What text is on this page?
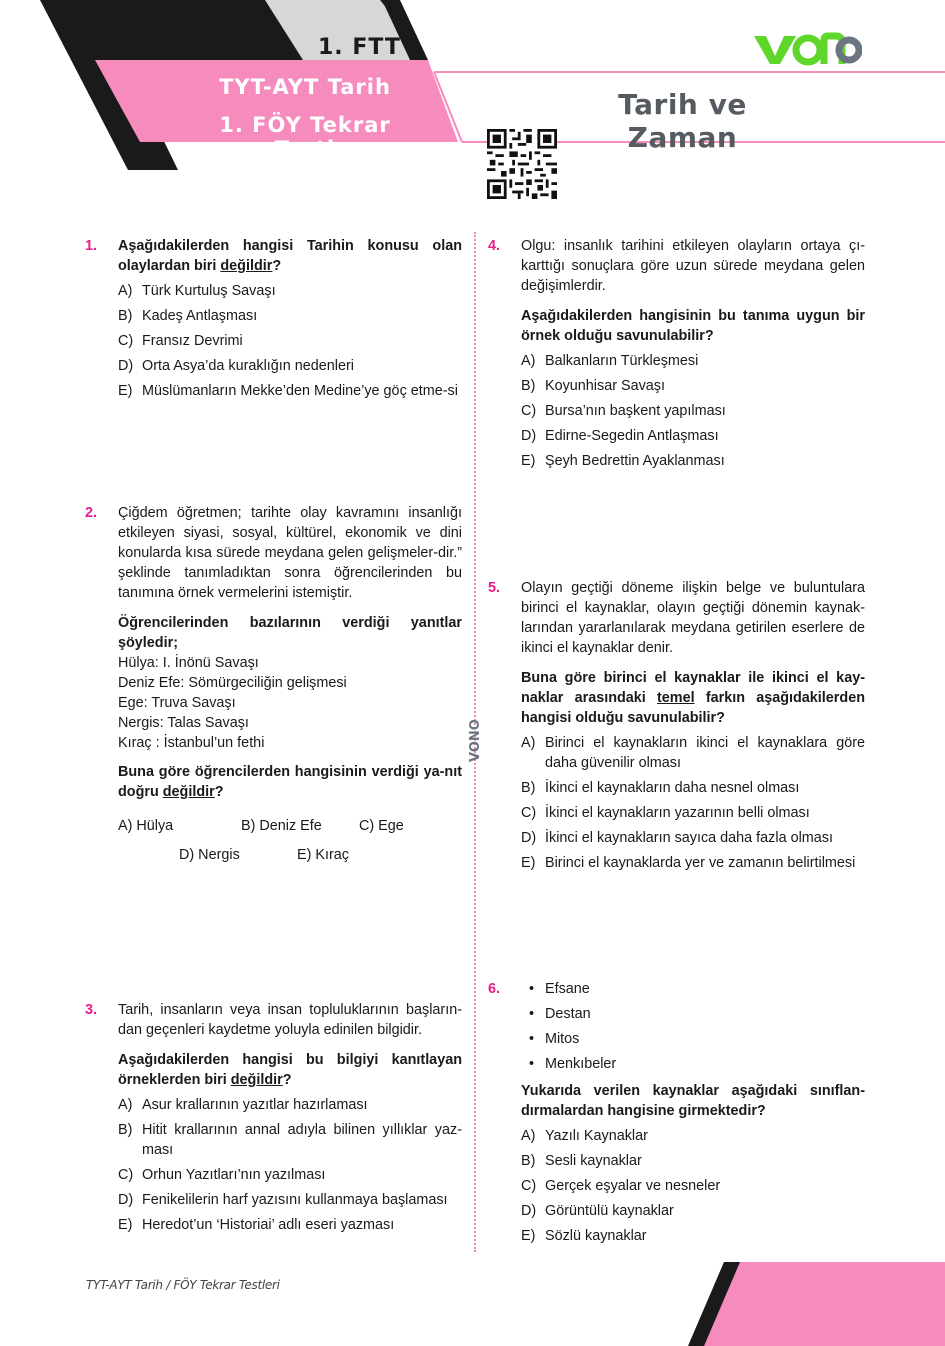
1. FTT
TYT-AYT Tarih
1. FÖY Tekrar Testi
Tarih ve Zaman
VONO
1. Aşağıdakilerden hangisi Tarihin konusu olan olaylardan biri değildir?

A) Türk Kurtuluş Savaşı
B) Kadeş Antlaşması
C) Fransız Devrimi
D) Orta Asya’da kuraklığın nedenleri
E) Müslümanların Mekke’den Medine’ye göç etme-si
2. Çiğdem öğretmen; tarihte olay kavramını insanlığı etkileyen siyasi, sosyal, kültürel, ekonomik ve dini konularda kısa sürede meydana gelen gelişmeler-dir.” şeklinde tanımladıktan sonra öğrencilerinden bu tanımına örnek vermelerini istemiştir.

Öğrencilerinden bazılarının verdiği yanıtlar şöyledir;

Hülya: I. İnönü Savaşı

Deniz Efe: Sömürgeciliğin gelişmesi

Ege: Truva Savaşı

Nergis: Talas Savaşı

Kıraç : İstanbul’un fethi

Buna göre öğrencilerden hangisinin verdiği ya-nıt doğru değildir?

A) Hülya	B) Deniz Efe	C) Ege
D) Nergis	E) Kıraç
3. Tarih, insanların veya insan topluluklarının başların-dan geçenleri kaydetme yoluyla edinilen bilgidir.

Aşağıdakilerden hangisi bu bilgiyi kanıtlayan örneklerden biri değildir?

A) Asur krallarının yazıtlar hazırlaması
B) Hitit krallarının annal adıyla bilinen yıllıklar yaz-ması
C) Orhun Yazıtları’nın yazılması
D) Fenikelilerin harf yazısını kullanmaya başlaması
E) Heredot’un ‘Historiai’ adlı eseri yazması
4. Olgu: insanlık tarihini etkileyen olayların ortaya çı-karttığı sonuçlara göre uzun sürede meydana gelen değişimlerdir.

Aşağıdakilerden hangisinin bu tanıma uygun bir örnek olduğu savunulabilir?

A) Balkanların Türkleşmesi
B) Koyunhisar Savaşı
C) Bursa’nın başkent yapılması
D) Edirne-Segedin Antlaşması
E) Şeyh Bedrettin Ayaklanması
5. Olayın geçtiği döneme ilişkin belge ve buluntulara birinci el kaynaklar, olayın geçtiği dönemin kaynak-larından yararlanılarak meydana getirilen eserlere de ikinci el kaynaklar denir.

Buna göre birinci el kaynaklar ile ikinci el kay-naklar arasındaki temel farkın aşağıdakilerden hangisi olduğu savunulabilir?

A) Birinci el kaynakların ikinci el kaynaklara göre daha güvenilir olması
B) İkinci el kaynakların daha nesnel olması
C) İkinci el kaynakların yazarının belli olması
D) İkinci el kaynakların sayıca daha fazla olması
E) Birinci el kaynaklarda yer ve zamanın belirtilmesi
6.
•	Efsane
• Destan
• Mitos
• Menkıbeler

Yukarıda verilen kaynaklar aşağıdaki sınıflan-dırmalardan hangisine girmektedir?

A) Yazılı Kaynaklar
B) Sesli kaynaklar
C) Gerçek eşyalar ve nesneler
D) Görüntülü kaynaklar
E) Sözlü kaynaklar
TYT-AYT Tarih / FÖY Tekrar Testleri
